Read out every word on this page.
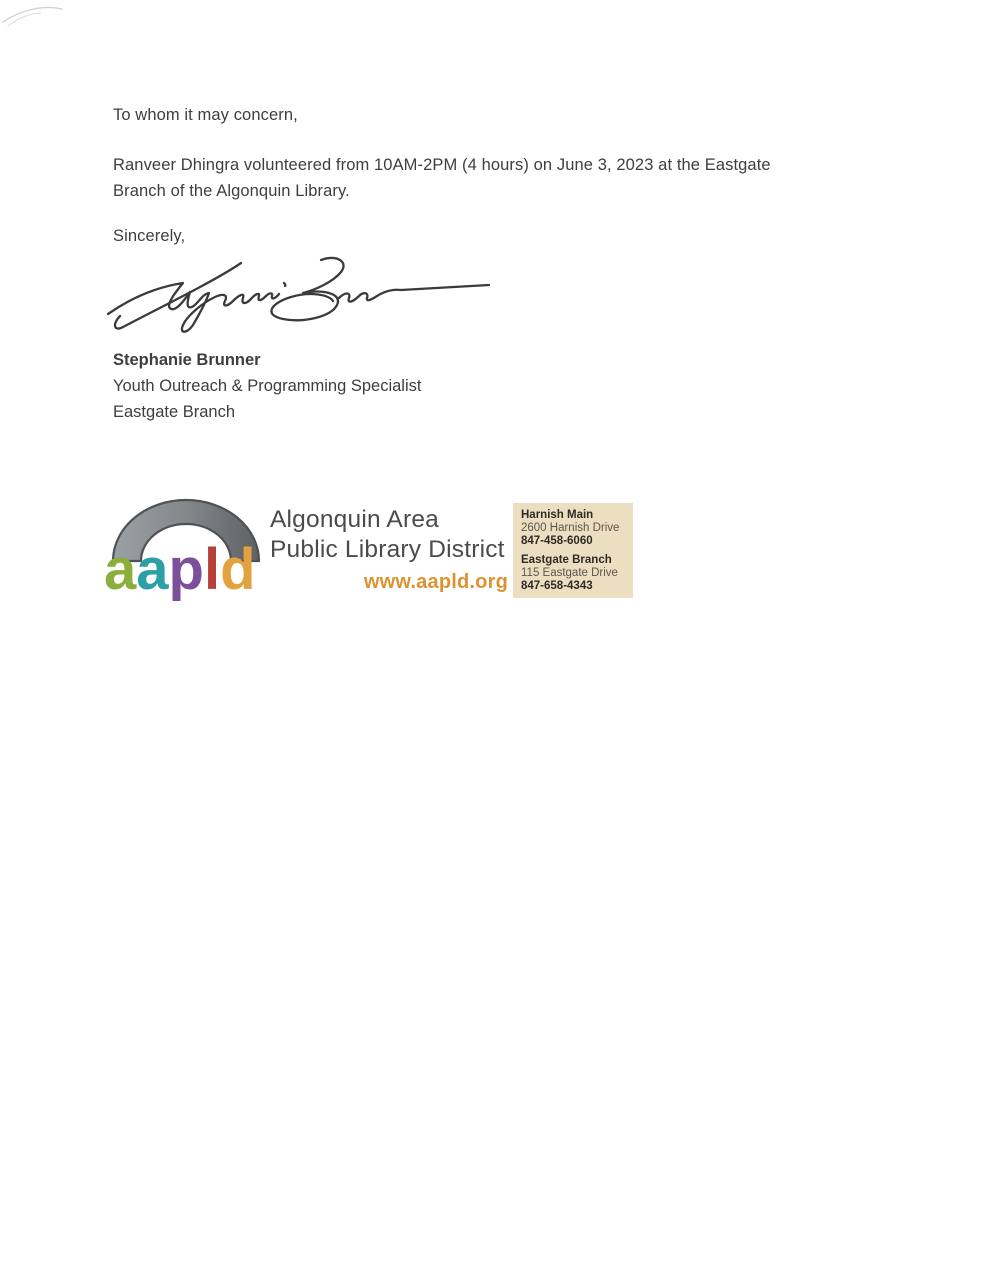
To whom it may concern,
Ranveer Dhingra volunteered from 10AM-2PM (4 hours) on June 3, 2023 at the Eastgate
Branch of the Algonquin Library.
Sincerely,
Stephanie Brunner
Youth Outreach & Programming Specialist
Eastgate Branch
aapld
Algonquin Area
Public Library District
www.aapld.org
Harnish Main
2600 Harnish Drive
847-458-6060
Eastgate Branch
115 Eastgate Drive
847-658-4343
